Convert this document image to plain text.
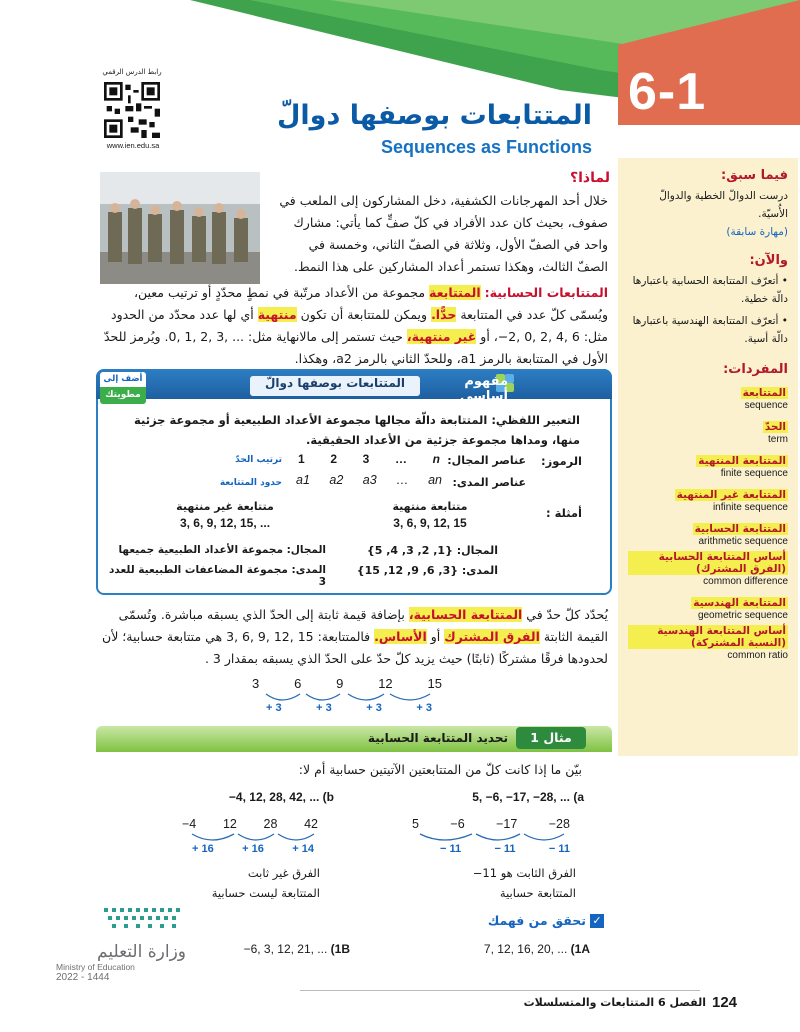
رابط الدرس الرقمي
www.ien.edu.sa
6-1
المتتابعات بوصفها دوالّ
Sequences as Functions
فيما سبق:
درست الدوالّ الخطية والدوالّ الأُسيّة.
(مهارة سابقة)
والآن:
• أتعرّف المتتابعة الحسابية باعتبارها دالّة خطية.
• أتعرّف المتتابعة الهندسية باعتبارها دالّة أسية.
المفردات:
المتتابعة
sequence
الحدّ
term
المتتابعة المنتهية
finite sequence
المتتابعة غير المنتهية
infinite sequence
المتتابعة الحسابية
arithmetic sequence
أساس المتتابعة الحسابية (الفرق المشترك)
common difference
المتتابعة الهندسية
geometric sequence
أساس المتتابعة الهندسية (النسبة المشتركة)
common ratio
لماذا؟
خلال أحد المهرجانات الكشفية، دخل المشاركون إلى الملعب في صفوف، بحيث كان عدد الأفراد في كلّ صفٍّ كما يأتي: مشارك واحد في الصفّ الأول، وثلاثة في الصفّ الثاني، وخمسة في الصفّ الثالث، وهكذا تستمر أعداد المشاركين على هذا النمط.
المتتابعات الحسابية: المتتابعة مجموعة من الأعداد مرتّبة في نمطٍ محدّدٍ أو ترتيب معين، ويُسمّى كلّ عدد في المتتابعة حدًّا. ويمكن للمتتابعة أن تكون منتهية أي لها عدد محدّد من الحدود مثل: 6 ,4 ,2 ,0 ,2−، أو غير منتهية، حيث تستمر إلى مالانهاية مثل: ... ,3 ,2 ,1 ,0. ويُرمز للحدّ الأول في المتتابعة بالرمز a1، وللحدّ الثاني بالرمز a2، وهكذا.
مفهوم أساسي
المتتابعات بوصفها دوالّ
أضف إلى
مطويتك
التعبير اللفظي: المتتابعة دالّة مجالها مجموعة الأعداد الطبيعية أو مجموعة جزئية منها، ومداها مجموعة جزئية من الأعداد الحقيقية.
الرموز:
عناصر المجال:
1 2 3 … n
ترتيب الحدّ
عناصر المدى:
a1 a2 a3 … an
حدود المتتابعة
أمثلة :
متتابعة منتهية
3, 6, 9, 12, 15
متتابعة غير منتهية
3, 6, 9, 12, 15, ...
المجال: {1, 2, 3, 4, 5}
المدى: {3, 6, 9, 12, 15}
المجال: مجموعة الأعداد الطبيعية جميعها
المدى: مجموعة المضاعفات الطبيعية للعدد 3
يُحدّد كلّ حدّ في المتتابعة الحسابية، بإضافة قيمة ثابتة إلى الحدّ الذي يسبقه مباشرة. وتُسمّى القيمة الثابتة الفرق المشترك أو الأساس. فالمتتابعة: 15 ,12 ,9 ,6 ,3 هي متتابعة حسابية؛ لأن لحدودها فرقًا مشتركًا (ثابتًا) حيث يزيد كلّ حدّ على الحدّ الذي يسبقه بمقدار 3 .
3	6	9	12	15
+ 3	+ 3	+ 3	+ 3
مثال 1
تحديد المتتابعة الحسابية
بيّن ما إذا كانت كلّ من المتتابعتين الآتيتين حسابية أم لا:
5, −6, −17, −28, ... (a
5	−6	−17	−28
− 11	− 11	− 11
الفرق الثابت هو 11−
المتتابعة حسابية
−4, 12, 28, 42, ... (b
−4 12 28 42
+ 16	+ 16	+ 14
الفرق غير ثابت
المتتابعة ليست حسابية
✓
تحقق من فهمك
7, 12, 16, 20, ... (1A
−6, 3, 12, 21, ... (1B
وزارة التعليم
Ministry of Education
2022 - 1444
الفصل 6 المتتابعات والمتسلسلات 124
